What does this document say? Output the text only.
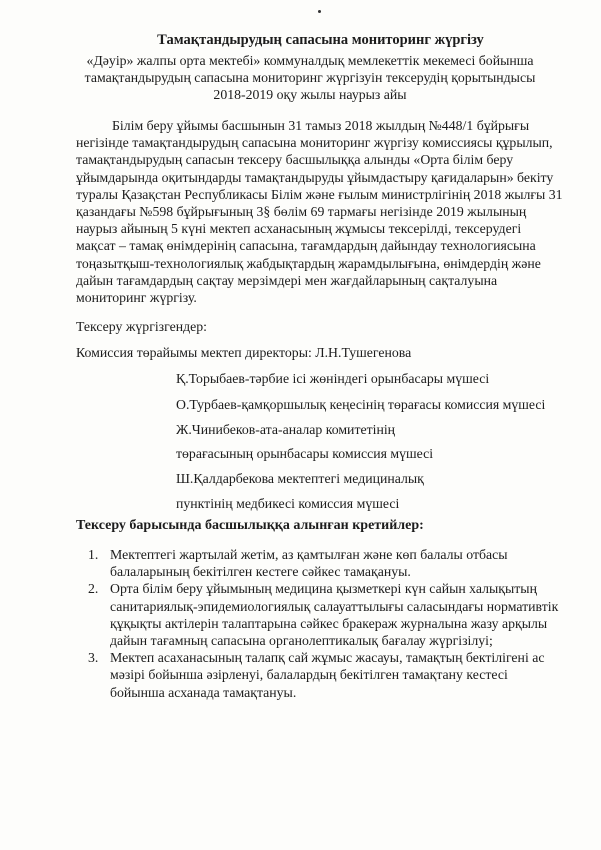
Тамақтандырудың сапасына мониторинг жүргізу
«Дәуір» жалпы орта мектебі» коммуналдық мемлекеттік мекемесі бойынша
тамақтандырудың сапасына мониторинг жүргізуін тексерудің қорытындысы
2018-2019 оқу жылы наурыз айы
Білім беру ұйымы басшынын 31 тамыз 2018 жылдың №448/1 бұйрығы
негізінде тамақтандырудың сапасына мониторинг жүргізу комиссиясы құрылып,
тамақтандырудың сапасын тексеру басшылыққа алынды «Орта білім беру
ұйымдарында оқитындарды тамақтандыруды ұйымдастыру қағидаларын» бекіту
туралы Қазақстан Республикасы Білім және ғылым министрлігінің 2018 жылғы 31
қазандағы №598 бұйрығының 3§ бөлім 69 тармағы негізінде 2019 жылының
наурыз айының 5 күні мектеп асханасының жұмысы тексерілді, тексерудегі
мақсат – тамақ өнімдерінің сапасына, тағамдардың дайындау технологиясына
тоңазытқыш-технологиялық жабдықтардың жарамдылығына, өнімдердің және
дайын тағамдардың сақтау мерзімдері мен жағдайларының сақталуына
мониторинг жүргізу.
Тексеру жүргізгендер:
Комиссия төрайымы мектеп директоры: Л.Н.Тушегенова
Қ.Торыбаев-тәрбие ісі жөніндегі орынбасары мүшесі
О.Турбаев-қамқоршылық кеңесінің төрағасы комиссия мүшесі
Ж.Чинибеков-ата-аналар комитетінің
төрағасының орынбасары комиссия мүшесі
Ш.Қалдарбекова мектептегі медициналық
пунктінің медбикесі комиссия мүшесі
Тексеру барысында басшылыққа алынған кретийлер:
1. Мектептегі жартылай жетім, аз қамтылған және көп балалы отбасы
балаларының бекітілген кестеге сәйкес тамақануы.
2. Орта білім беру ұйымының медицина қызметкері күн сайын халықытың
санитариялық-эпидемиологиялық салауаттылығы саласындағы нормативтік
құқықты актілерін талаптарына сәйкес бракераж журналына жазу арқылы
дайын тағамның сапасына органолептикалық бағалау жүргізілуі;
3. Мектеп асаханасының талапқ сай жұмыс жасауы, тамақтың бектілігені ас
мәзірі бойынша әзірленуі, балалардың бекітілген тамақтану кестесі
бойынша асханада тамақтануы.
